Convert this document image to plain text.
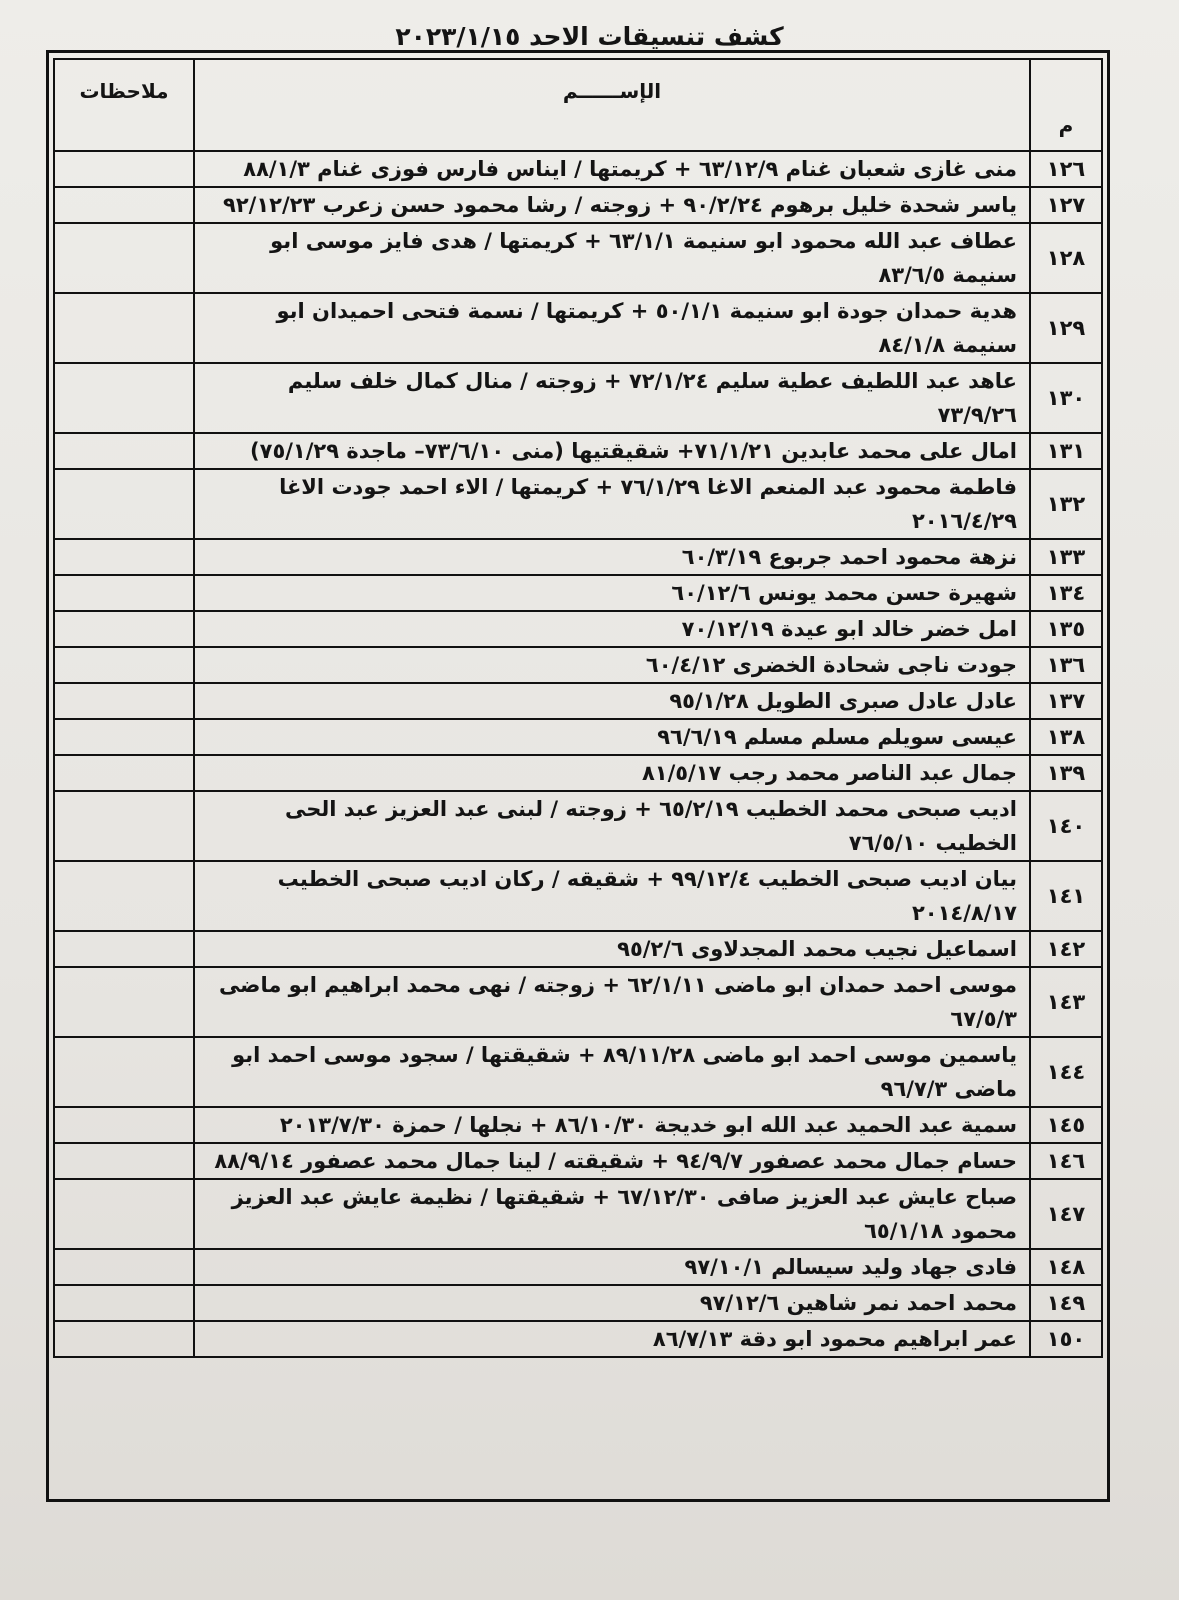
كشف تنسيقات الاحد ٢٠٢٣/١/١٥
م	الإســــــم	ملاحظات
١٢٦	منى غازى شعبان غنام ٦٣/١٢/٩ + كريمتها / ايناس فارس فوزى غنام ٨٨/١/٣	
١٢٧	ياسر شحدة خليل برهوم ٩٠/٢/٢٤ + زوجته / رشا محمود حسن زعرب ٩٢/١٢/٢٣	
١٢٨	عطاف عبد الله محمود ابو سنيمة ٦٣/١/١ + كريمتها / هدى فايز موسى ابو سنيمة ٨٣/٦/٥	
١٢٩	هدية حمدان جودة ابو سنيمة ٥٠/١/١ + كريمتها / نسمة فتحى احميدان ابو سنيمة ٨٤/١/٨	
١٣٠	عاهد عبد اللطيف عطية سليم ٧٢/١/٢٤ + زوجته / منال كمال خلف سليم ٧٣/٩/٢٦	
١٣١	امال على محمد عابدين ٧١/١/٢١+ شقيقتيها (منى ٧٣/٦/١٠– ماجدة ٧٥/١/٢٩)	
١٣٢	فاطمة محمود عبد المنعم الاغا ٧٦/١/٢٩ + كريمتها / الاء احمد جودت الاغا ٢٠١٦/٤/٢٩	
١٣٣	نزهة محمود احمد جربوع ٦٠/٣/١٩	
١٣٤	شهيرة حسن محمد يونس ٦٠/١٢/٦	
١٣٥	امل خضر خالد ابو عيدة ٧٠/١٢/١٩	
١٣٦	جودت ناجى شحادة الخضرى ٦٠/٤/١٢	
١٣٧	عادل عادل صبرى الطويل ٩٥/١/٢٨	
١٣٨	عيسى سويلم مسلم مسلم ٩٦/٦/١٩	
١٣٩	جمال عبد الناصر محمد رجب ٨١/٥/١٧	
١٤٠	اديب صبحى محمد الخطيب ٦٥/٢/١٩ + زوجته / لبنى عبد العزيز عبد الحى الخطيب ٧٦/٥/١٠	
١٤١	بيان اديب صبحى الخطيب ٩٩/١٢/٤ + شقيقه / ركان اديب صبحى الخطيب ٢٠١٤/٨/١٧	
١٤٢	اسماعيل نجيب محمد المجدلاوى ٩٥/٢/٦	
١٤٣	موسى احمد حمدان ابو ماضى ٦٢/١/١١ + زوجته / نهى محمد ابراهيم ابو ماضى ٦٧/٥/٣	
١٤٤	ياسمين موسى احمد ابو ماضى ٨٩/١١/٢٨ + شقيقتها / سجود موسى احمد ابو ماضى ٩٦/٧/٣	
١٤٥	سمية عبد الحميد عبد الله ابو خديجة ٨٦/١٠/٣٠ + نجلها / حمزة ٢٠١٣/٧/٣٠	
١٤٦	حسام جمال محمد عصفور ٩٤/٩/٧ + شقيقته / لينا جمال محمد عصفور ٨٨/٩/١٤	
١٤٧	صباح عايش عبد العزيز صافى ٦٧/١٢/٣٠ + شقيقتها / نظيمة عايش عبد العزيز محمود ٦٥/١/١٨	
١٤٨	فادى جهاد وليد سيسالم ٩٧/١٠/١	
١٤٩	محمد احمد نمر شاهين ٩٧/١٢/٦	
١٥٠	عمر ابراهيم محمود ابو دقة ٨٦/٧/١٣	
